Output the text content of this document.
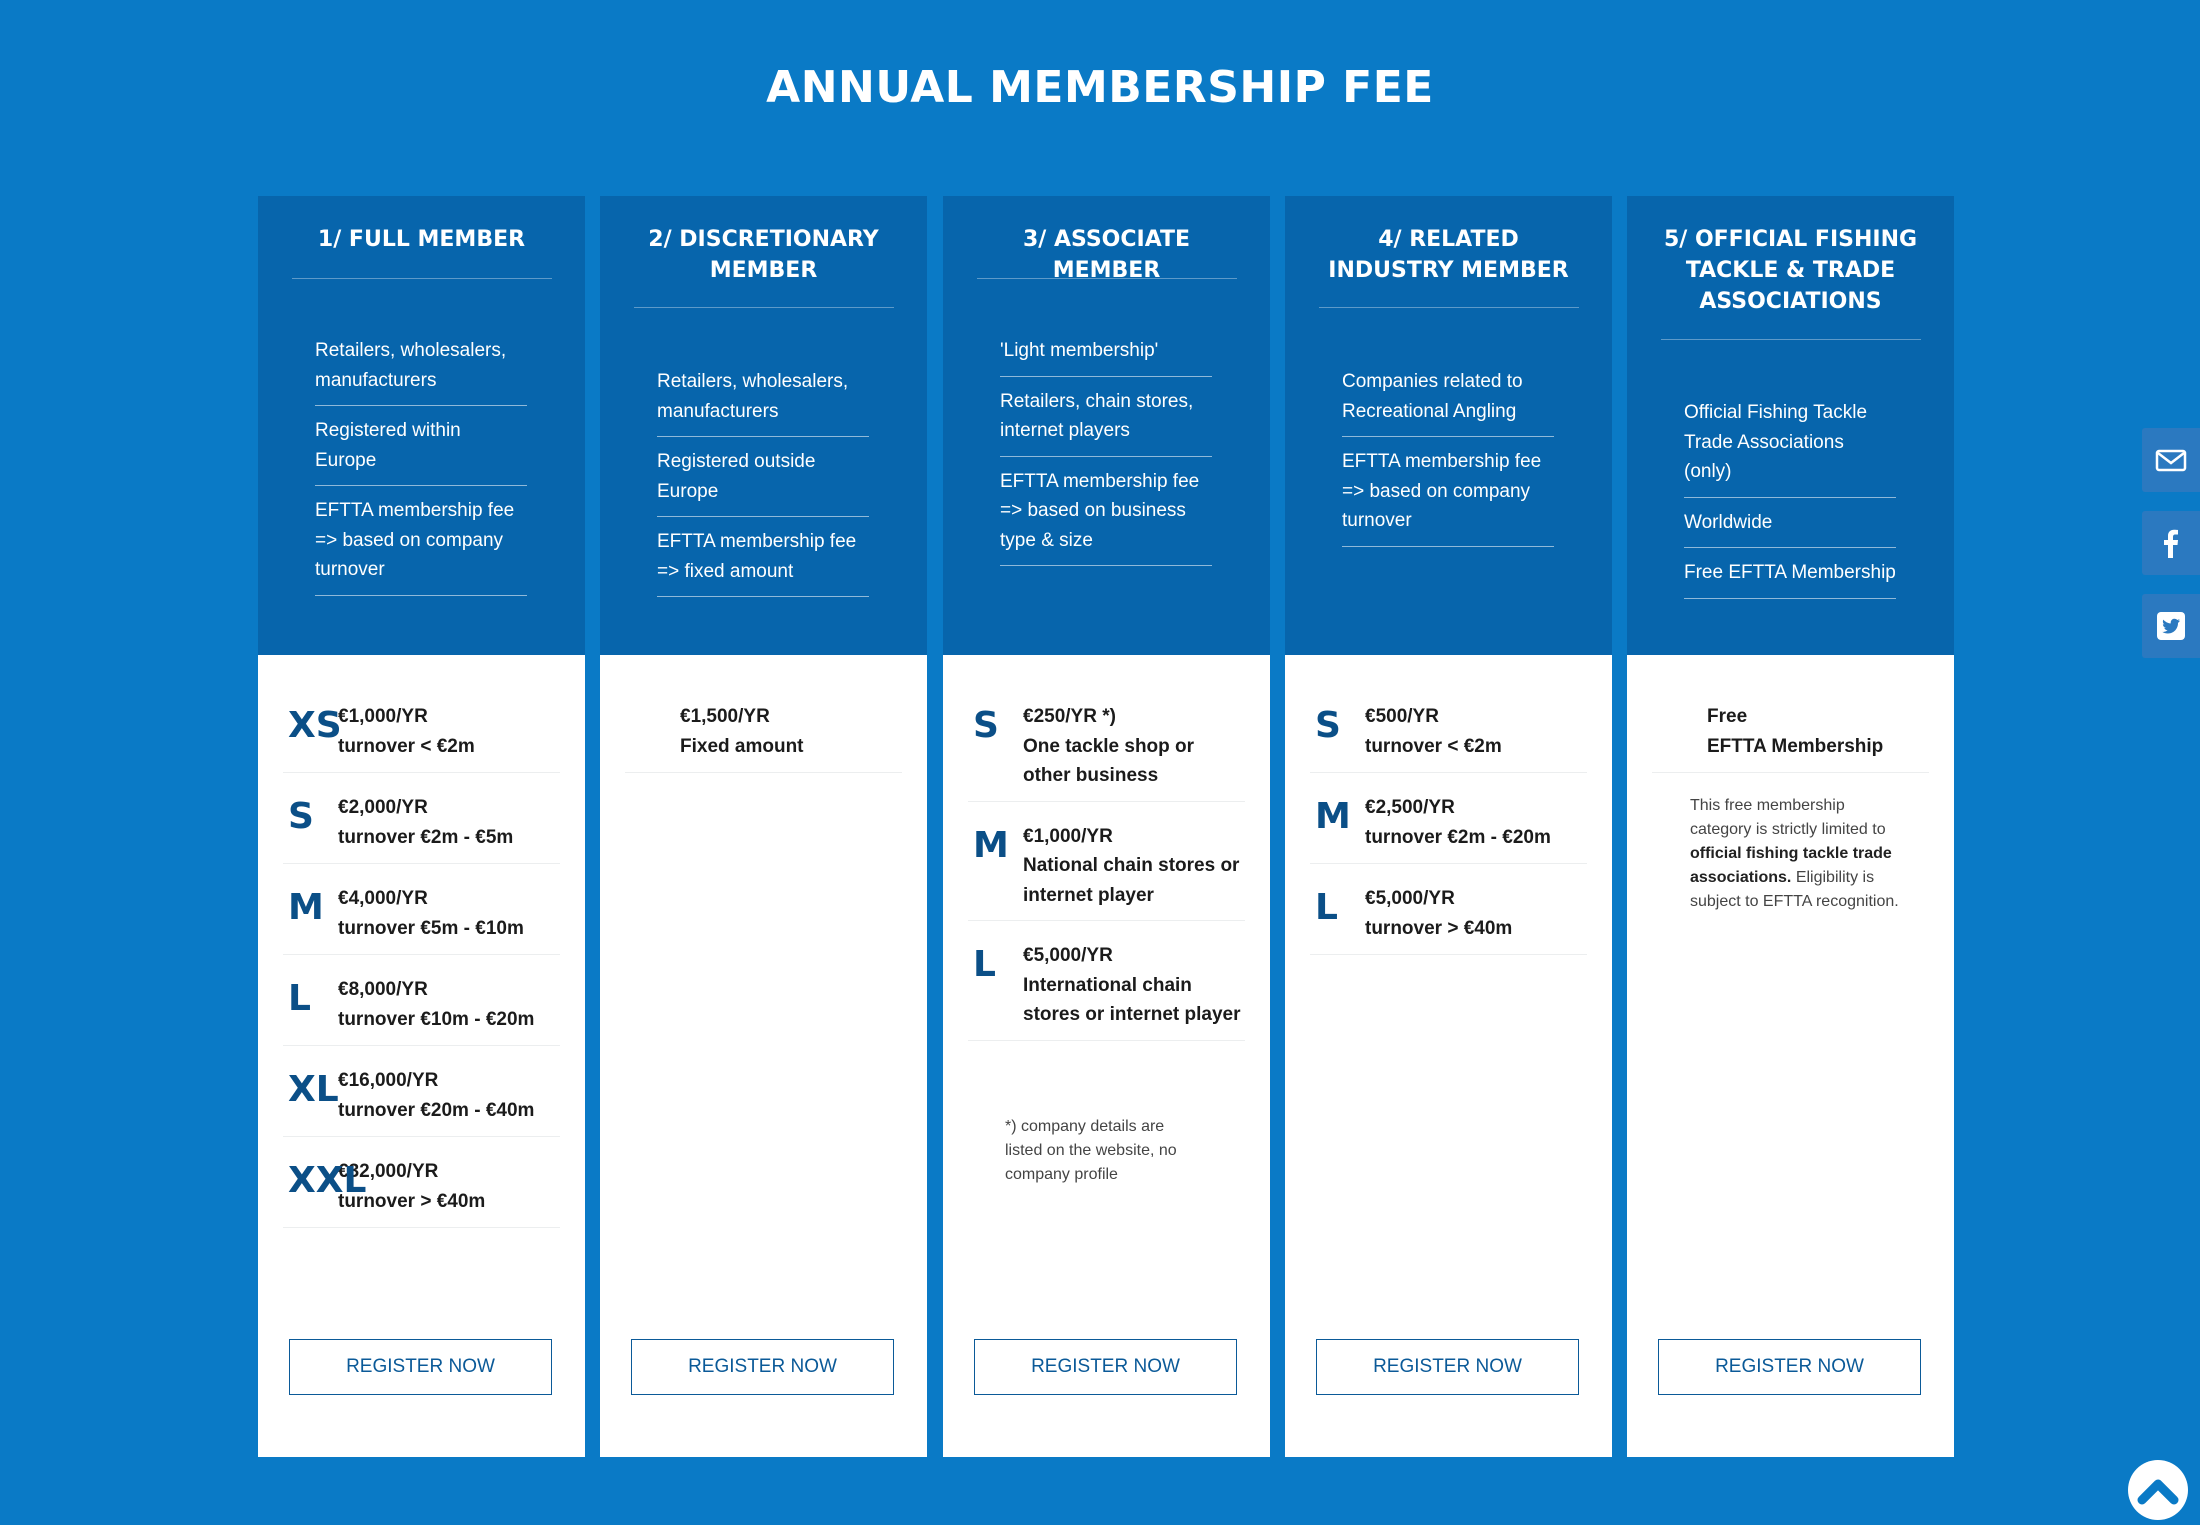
ANNUAL MEMBERSHIP FEE
1/ FULL MEMBER
Retailers, wholesalers, manufacturers
Registered within Europe
EFTTA membership fee => based on company turnover
XS
€1,000/YR
turnover < €2m
S €2,000/YR
turnover €2m - €5m
M €4,000/YR
turnover €5m - €10m
L €8,000/YR
turnover €10m - €20m
XL €16,000/YR
turnover €20m - €40m
XXL
€32,000/YR
turnover > €40m
REGISTER NOW
2/ DISCRETIONARY MEMBER
Retailers, wholesalers, manufacturers
Registered outside Europe
EFTTA membership fee => fixed amount
€1,500/YR
Fixed amount
REGISTER NOW
3/ ASSOCIATE MEMBER
'Light membership'
Retailers, chain stores, internet players
EFTTA membership fee => based on business type & size
S €250/YR *)
One tackle shop or other business
M €1,000/YR
National chain stores or internet player
L €5,000/YR
International chain stores or internet player
*) company details are listed on the website, no company profile
REGISTER NOW
4/ RELATED INDUSTRY MEMBER
Companies related to Recreational Angling
EFTTA membership fee => based on company turnover
S €500/YR
turnover < €2m
M €2,500/YR
turnover €2m - €20m
L €5,000/YR
turnover > €40m
REGISTER NOW
5/ OFFICIAL FISHING TACKLE & TRADE ASSOCIATIONS
Official Fishing Tackle Trade Associations (only)
Worldwide
Free EFTTA Membership
Free
EFTTA Membership
This free membership category is strictly limited to official fishing tackle trade associations. Eligibility is subject to EFTTA recognition.
REGISTER NOW
